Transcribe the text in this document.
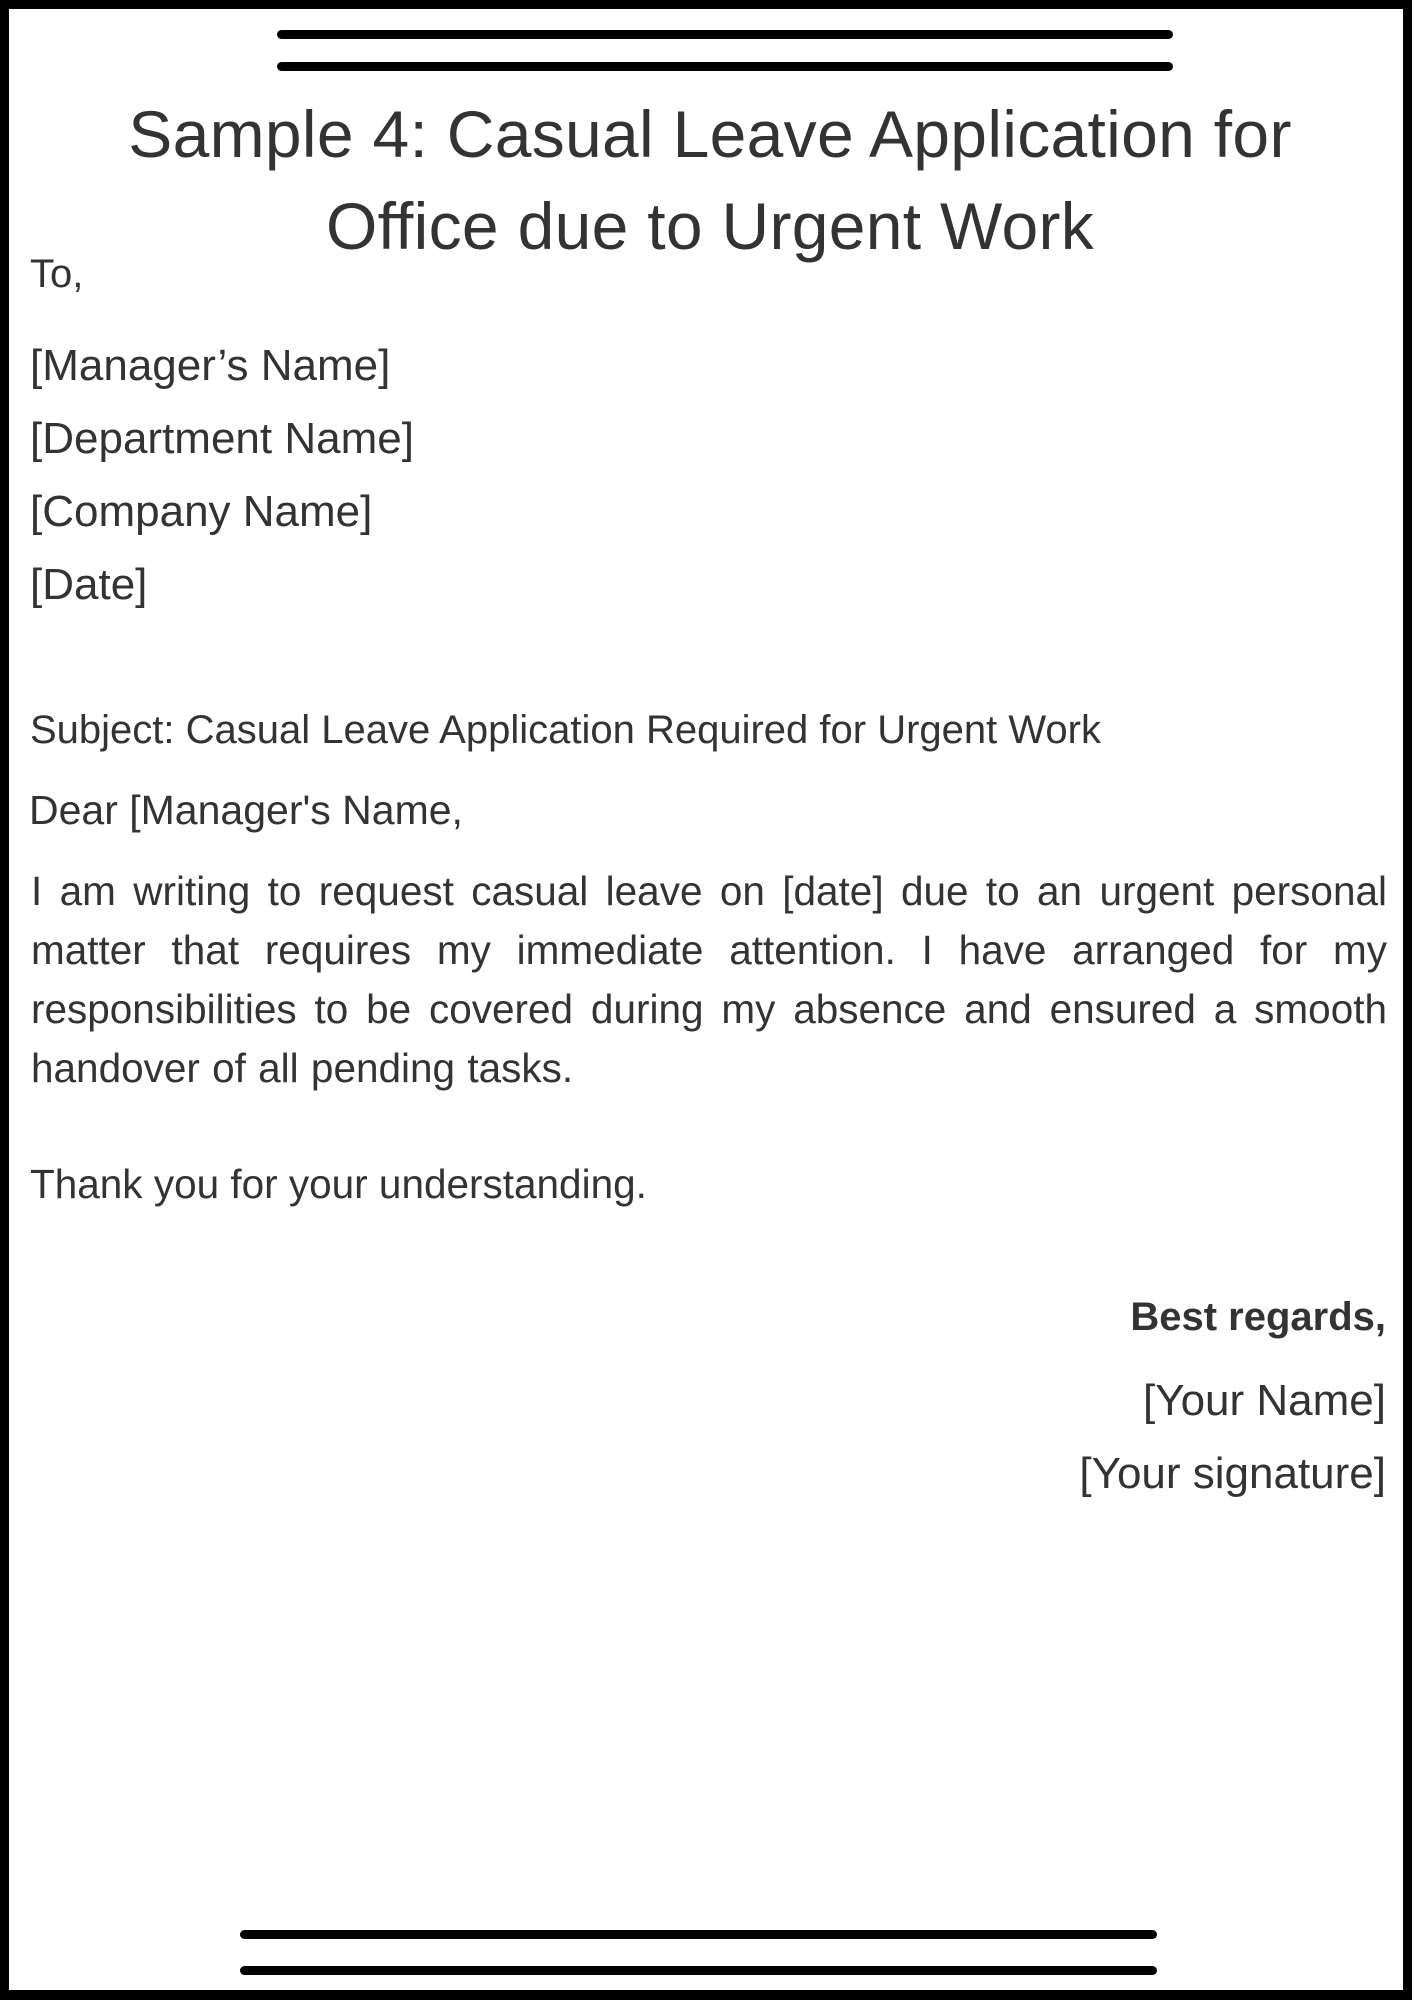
Sample 4: Casual Leave Application for
Office due to Urgent Work

To,

[Manager’s Name]

[Department Name]

[Company Name]

[Date]

Subject: Casual Leave Application Required for Urgent Work

Dear [Manager's Name,

I am writing to request casual leave on [date] due to an urgent personal matter that requires my immediate attention. I have arranged for my responsibilities to be covered during my absence and ensured a smooth handover of all pending tasks.

Thank you for your understanding.

Best regards,

[Your Name]

[Your signature]
